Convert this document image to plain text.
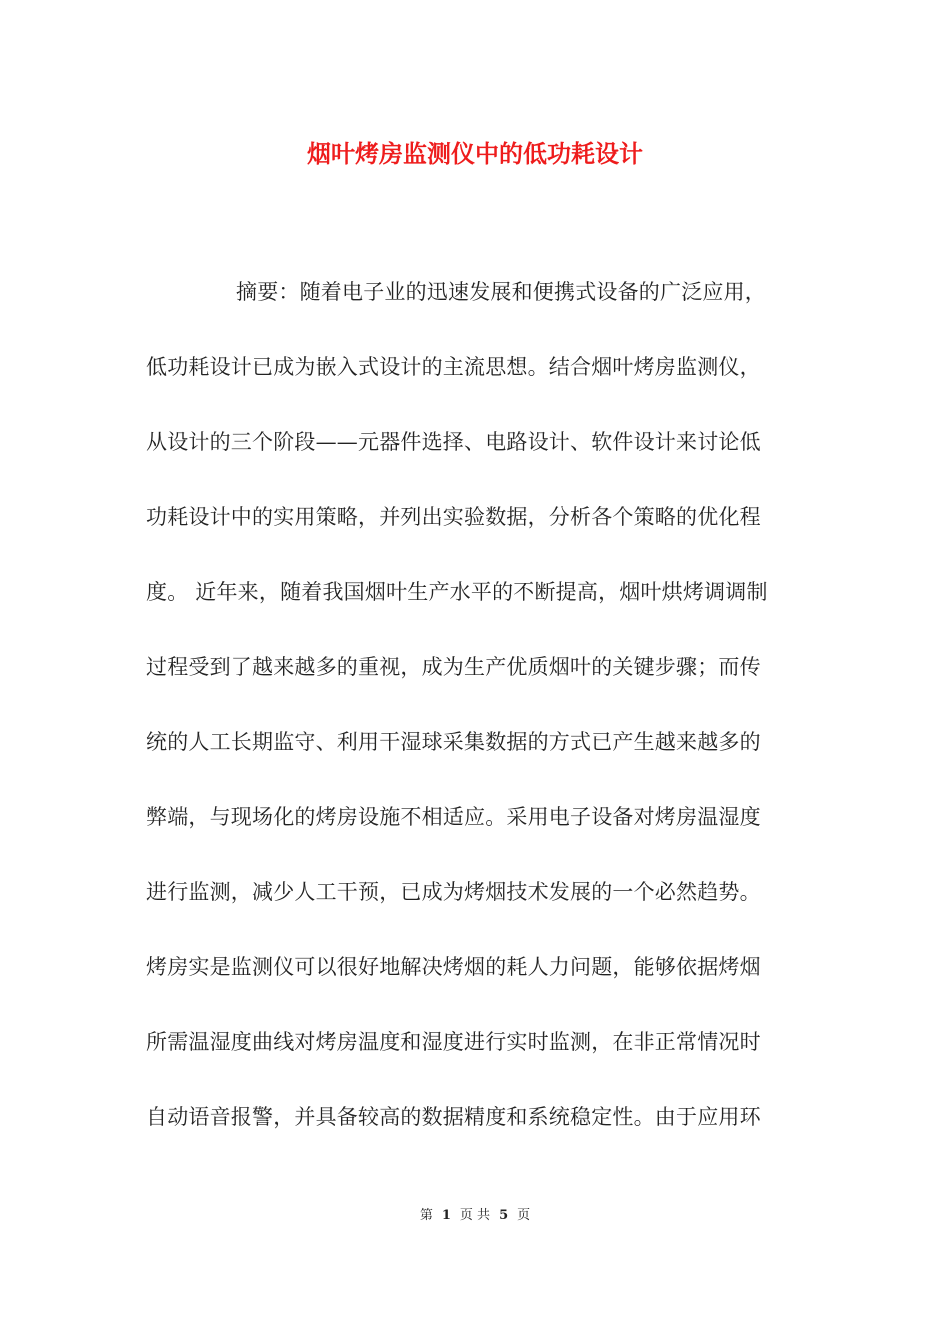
烟叶烤房监测仪中的低功耗设计
摘要：随着电子业的迅速发展和便携式设备的广泛应用，
低功耗设计已成为嵌入式设计的主流思想。结合烟叶烤房监测仪，
从设计的三个阶段——元器件选择、电路设计、软件设计来讨论低
功耗设计中的实用策略，并列出实验数据，分析各个策略的优化程
度。 近年来，随着我国烟叶生产水平的不断提高，烟叶烘烤调调制
过程受到了越来越多的重视，成为生产优质烟叶的关键步骤；而传
统的人工长期监守、利用干湿球采集数据的方式已产生越来越多的
弊端，与现场化的烤房设施不相适应。采用电子设备对烤房温湿度
进行监测，减少人工干预，已成为烤烟技术发展的一个必然趋势。
烤房实是监测仪可以很好地解决烤烟的耗人力问题，能够依据烤烟
所需温湿度曲线对烤房温度和湿度进行实时监测，在非正常情况时
自动语音报警，并具备较高的数据精度和系统稳定性。由于应用环
第 1 页 共 5 页
